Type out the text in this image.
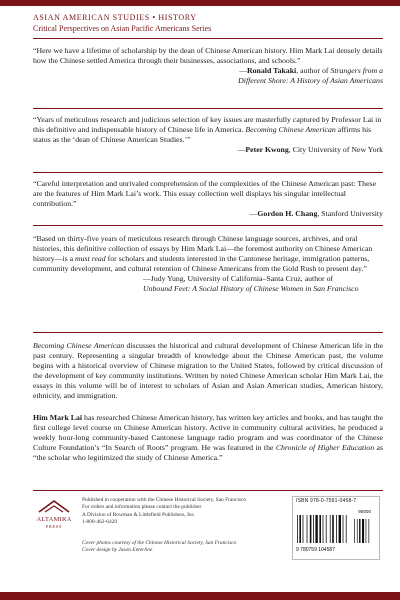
ASIAN AMERICAN STUDIES • HISTORY
Critical Perspectives on Asian Pacific Americans Series

“Here we have a lifetime of scholarship by the dean of Chinese American history. Him Mark Lai densely details how the Chinese settled America through their businesses, associations, and schools.”

—Ronald Takaki, author of Strangers from a

Different Shore: A History of Asian Americans

“Years of meticulous research and judicious selection of key issues are masterfully captured by Professor Lai in this definitive and indispensable history of Chinese life in America. Becoming Chinese American affirms his status as the ‘dean of Chinese American Studies.’”

—Peter Kwong, City University of New York

“Careful interpretation and unrivaled comprehension of the complexities of the Chinese American past: These are the features of Him Mark Lai’s work. This essay collection well displays his singular intellectual contribution.”

—Gordon H. Chang, Stanford University

“Based on thirty-five years of meticulous research through Chinese language sources, archives, and oral histories, this definitive collection of essays by Him Mark Lai—the foremost authority on Chinese American history—is a must read for scholars and students interested in the Cantonese heritage, immigration patterns, community development, and cultural retention of Chinese Americans from the Gold Rush to present day.”

—Judy Yung, University of California–Santa Cruz, author of

Unbound Feet: A Social History of Chinese Women in San Francisco

Becoming Chinese American discusses the historical and cultural development of Chinese American life in the past century. Representing a singular breadth of knowledge about the Chinese American past, the volume begins with a historical overview of Chinese migration to the United States, followed by critical discussion of the development of key community institutions. Written by noted Chinese American scholar Him Mark Lai, the essays in this volume will be of interest to scholars of Asian and Asian American studies, American history, ethnicity, and immigration.

Him Mark Lai has researched Chinese American history, has written key articles and books, and has taught the first college level course on Chinese American history. Active in community cultural activities, he produced a weekly hour-long community-based Cantonese language radio program and was coordinator of the Chinese Culture Foundation’s “In Search of Roots” program. He was featured in the Chronicle of Higher Education as “the scholar who legitimized the study of Chinese America.”

ALTAMIRA
PRESS
Published in cooperation with the Chinese Historical Society, San Francisco
For orders and information please contact the publisher
A Division of Rowman & Littlefield Publishers, Inc.
1-800-462-6420
Cover photos courtesy of the Chinese Historical Society, San Francisco
Cover design by Jason Enterline
ISBN 978-0-7591-0458-7
90000
9 780759 104587
